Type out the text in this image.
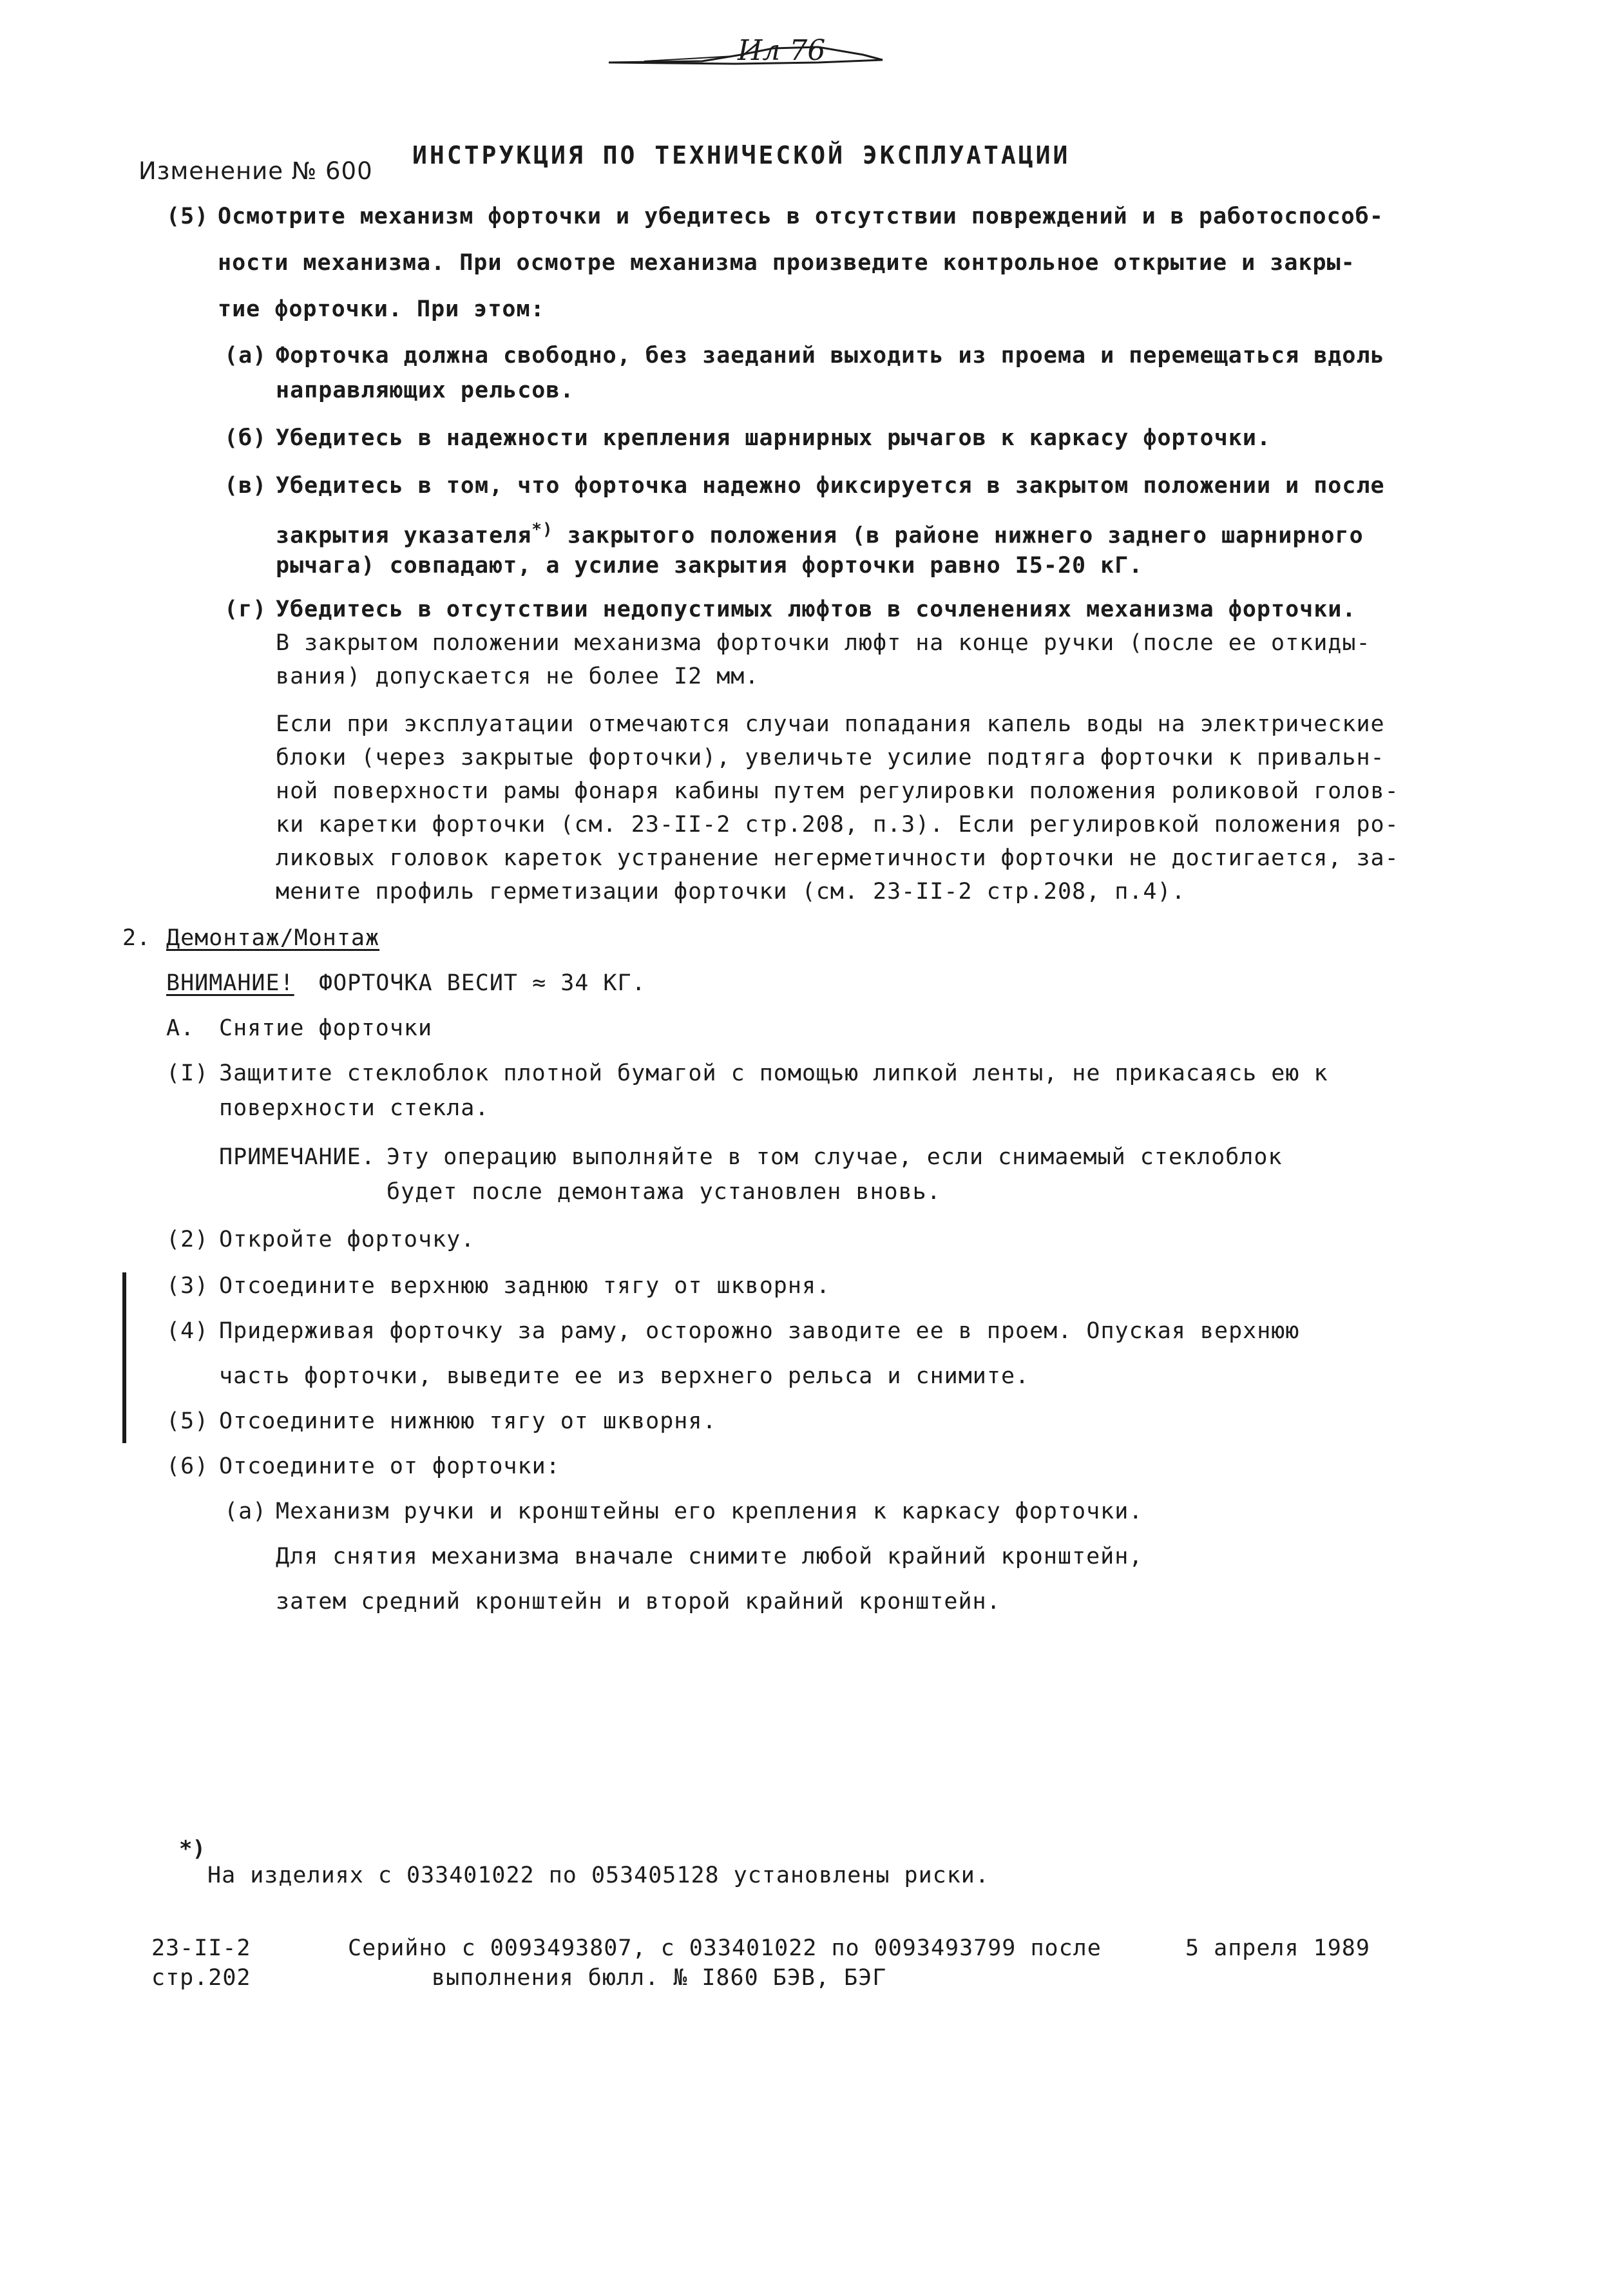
Ил 76
Изменение № 600
ИНСТРУКЦИЯ ПО ТЕХНИЧЕСКОЙ ЭКСПЛУАТАЦИИ
(5) Осмотрите механизм форточки и убедитесь в отсутствии повреждений и в работоспособ-
ности механизма. При осмотре механизма произведите контрольное открытие и закры-
тие форточки. При этом:
(а) Форточка должна свободно, без заеданий выходить из проема и перемещаться вдоль
направляющих рельсов.
(б) Убедитесь в надежности крепления шарнирных рычагов к каркасу форточки.
(в) Убедитесь в том, что форточка надежно фиксируется в закрытом положении и после
закрытия указателя*) закрытого положения (в районе нижнего заднего шарнирного
рычага) совпадают, а усилие закрытия форточки равно I5-20 кГ.
(г) Убедитесь в отсутствии недопустимых люфтов в сочленениях механизма форточки.
В закрытом положении механизма форточки люфт на конце ручки (после ее откиды-
вания) допускается не более I2 мм.
Если при эксплуатации отмечаются случаи попадания капель воды на электрические
блоки (через закрытые форточки), увеличьте усилие подтяга форточки к привальн-
ной поверхности рамы фонаря кабины путем регулировки положения роликовой голов-
ки каретки форточки (см. 23-II-2 стр.208, п.3). Если регулировкой положения ро-
ликовых головок кареток устранение негерметичности форточки не достигается, за-
мените профиль герметизации форточки (см. 23-II-2 стр.208, п.4).
2. Демонтаж/Монтаж
ВНИМАНИЕ! ФОРТОЧКА ВЕСИТ ≈ 34 КГ.
А. Снятие форточки
(I) Защитите стеклоблок плотной бумагой с помощью липкой ленты, не прикасаясь ею к
поверхности стекла.
ПРИМЕЧАНИЕ. Эту операцию выполняйте в том случае, если снимаемый стеклоблок
будет после демонтажа установлен вновь.
(2) Откройте форточку.
(3) Отсоедините верхнюю заднюю тягу от шкворня.
(4) Придерживая форточку за раму, осторожно заводите ее в проем. Опуская верхнюю
часть форточки, выведите ее из верхнего рельса и снимите.
(5) Отсоедините нижнюю тягу от шкворня.
(6) Отсоедините от форточки:
(а) Механизм ручки и кронштейны его крепления к каркасу форточки.
Для снятия механизма вначале снимите любой крайний кронштейн,
затем средний кронштейн и второй крайний кронштейн.
*)
На изделиях с 033401022 по 053405128 установлены риски.
23-II-2
стр.202
Серийно с 0093493807, с 033401022 по 0093493799 после
выполнения бюлл. № I860 БЭВ, БЭГ
5 апреля 1989
